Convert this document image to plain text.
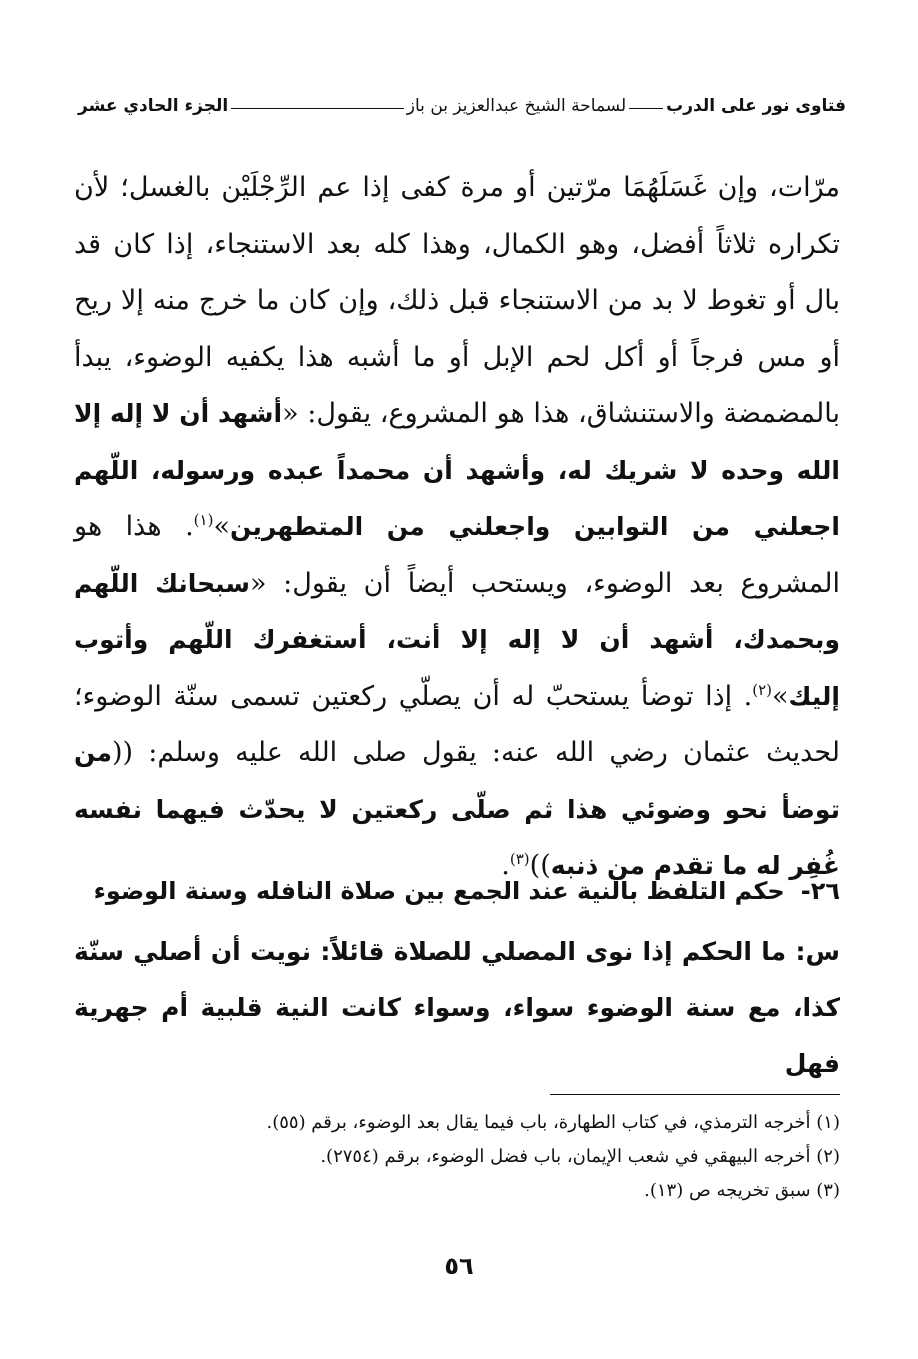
فتاوى نور على الدرب
لسماحة الشيخ عبدالعزيز بن باز
الجزء الحادي عشر

مرّات، وإن غَسَلَهُمَا مرّتين أو مرة كفى إذا عم الرِّجْلَيْن بالغسل؛ لأن تكراره ثلاثاً أفضل، وهو الكمال، وهذا كله بعد الاستنجاء، إذا كان قد بال أو تغوط لا بد من الاستنجاء قبل ذلك، وإن كان ما خرج منه إلا ريح أو مس فرجاً أو أكل لحم الإبل أو ما أشبه هذا يكفيه الوضوء، يبدأ بالمضمضة والاستنشاق، هذا هو المشروع، يقول: «أشهد أن لا إله إلا الله وحده لا شريك له، وأشهد أن محمداً عبده ورسوله، اللّهم اجعلني من التوابين واجعلني من المتطهرين»$^{(١)}$. هذا هو المشروع بعد الوضوء، ويستحب أيضاً أن يقول: «سبحانك اللّهم وبحمدك، أشهد أن لا إله إلا أنت، أستغفرك اللّهم وأتوب إليك»$^{(٢)}$. إذا توضأ يستحبّ له أن يصلّي ركعتين تسمى سنّة الوضوء؛ لحديث عثمان رضي الله عنه: يقول صلى الله عليه وسلم: ((من توضأ نحو وضوئي هذا ثم صلّى ركعتين لا يحدّث فيهما نفسه غُفِر له ما تقدم من ذنبه))$^{(٣)}$.

٢٦-
حكم التلفظ بالنية عند الجمع بين صلاة النافله وسنة الوضوء

س: ما الحكم إذا نوى المصلي للصلاة قائلاً: نويت أن أصلي سنّة كذا، مع سنة الوضوء سواء، وسواء كانت النية قلبية أم جهرية فهل

(١) أخرجه الترمذي، في كتاب الطهارة، باب فيما يقال بعد الوضوء، برقم (٥٥).

(٢) أخرجه البيهقي في شعب الإيمان، باب فضل الوضوء، برقم (٢٧٥٤).

(٣) سبق تخريجه ص (١٣).

٥٦
